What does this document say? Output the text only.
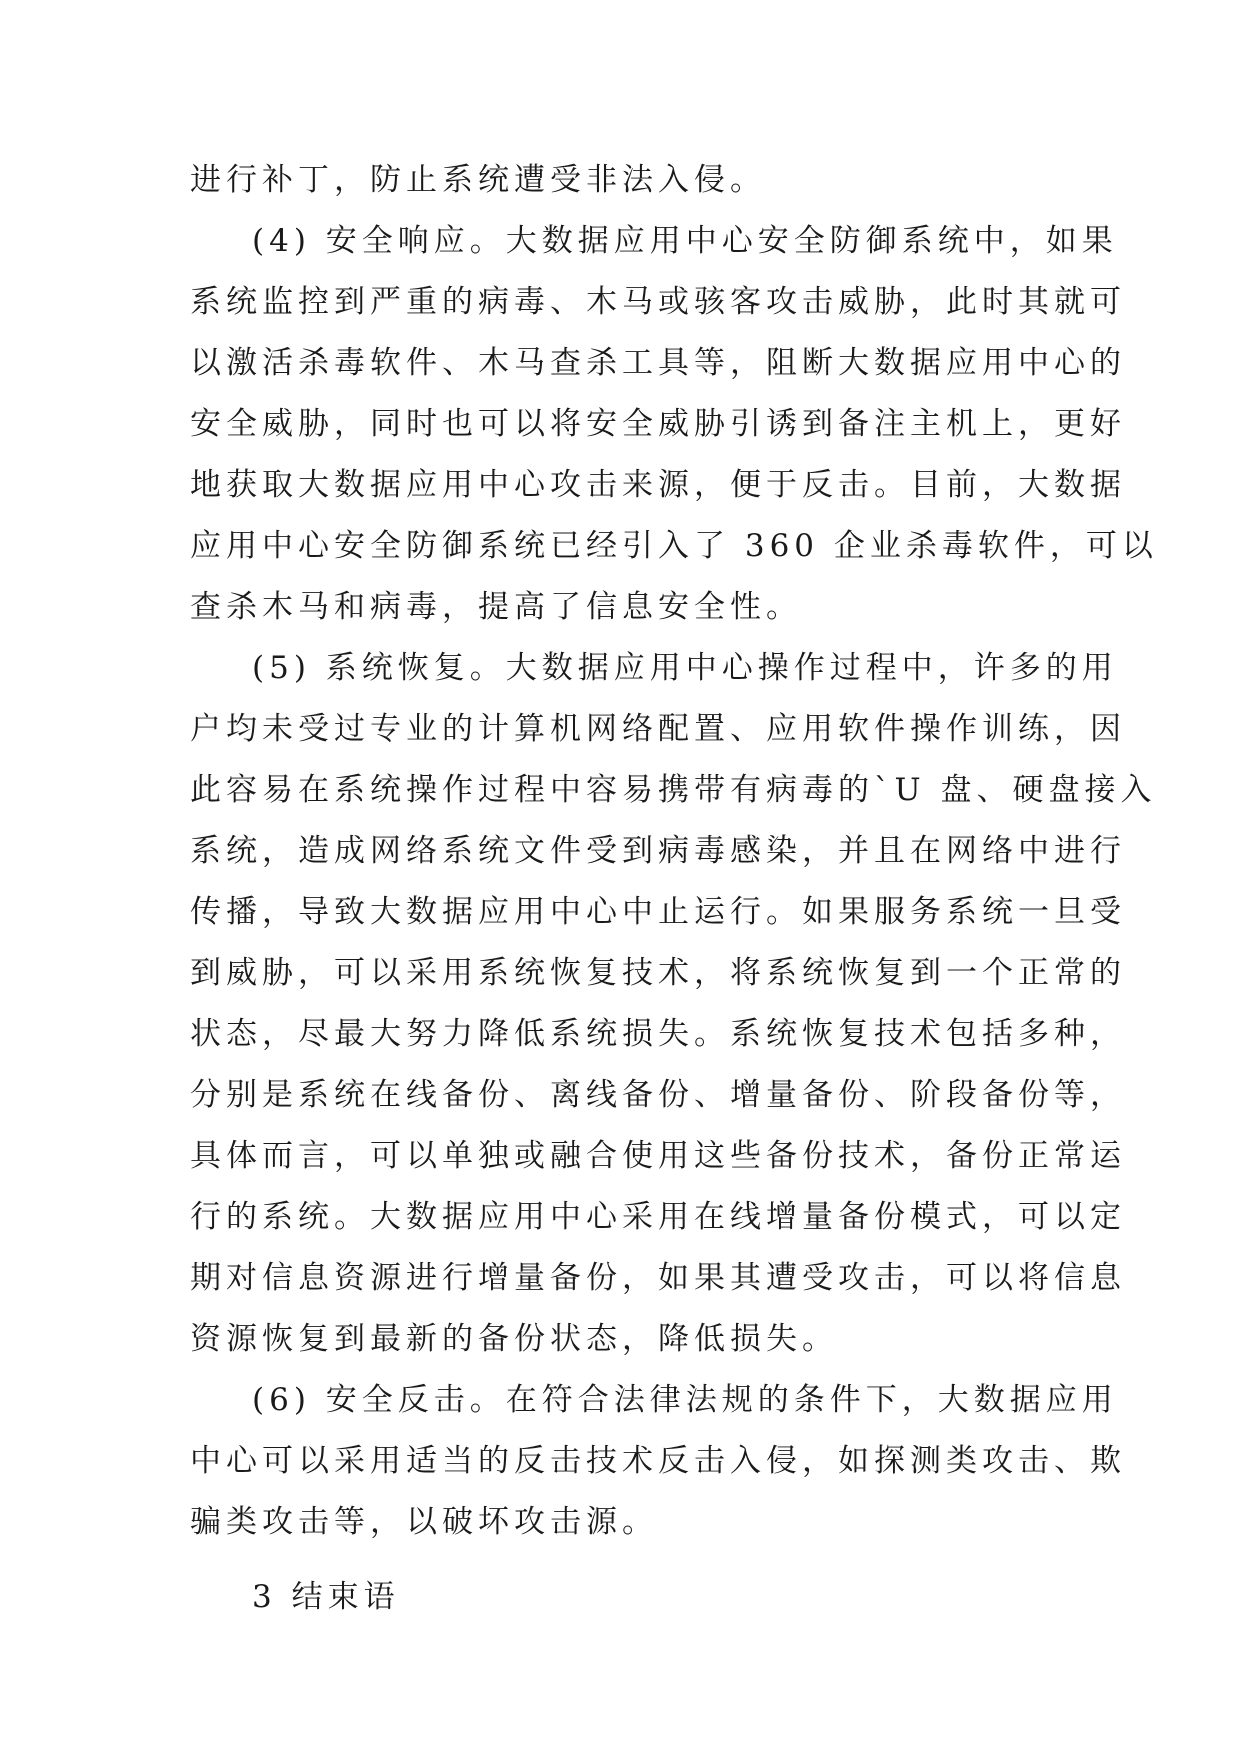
进行补丁，防止系统遭受非法入侵。
(4) 安全响应。大数据应用中心安全防御系统中，如果
系统监控到严重的病毒、木马或骇客攻击威胁，此时其就可
以激活杀毒软件、木马查杀工具等，阻断大数据应用中心的
安全威胁，同时也可以将安全威胁引诱到备注主机上，更好
地获取大数据应用中心攻击来源，便于反击。目前，大数据
应用中心安全防御系统已经引入了 360 企业杀毒软件，可以
查杀木马和病毒，提高了信息安全性。
(5) 系统恢复。大数据应用中心操作过程中，许多的用
户均未受过专业的计算机网络配置、应用软件操作训练，因
此容易在系统操作过程中容易携带有病毒的`U 盘、硬盘接入
系统，造成网络系统文件受到病毒感染，并且在网络中进行
传播，导致大数据应用中心中止运行。如果服务系统一旦受
到威胁，可以采用系统恢复技术，将系统恢复到一个正常的
状态，尽最大努力降低系统损失。系统恢复技术包括多种，
分别是系统在线备份、离线备份、增量备份、阶段备份等，
具体而言，可以单独或融合使用这些备份技术，备份正常运
行的系统。大数据应用中心采用在线增量备份模式，可以定
期对信息资源进行增量备份，如果其遭受攻击，可以将信息
资源恢复到最新的备份状态，降低损失。
(6) 安全反击。在符合法律法规的条件下，大数据应用
中心可以采用适当的反击技术反击入侵，如探测类攻击、欺
骗类攻击等，以破坏攻击源。
3 结束语
